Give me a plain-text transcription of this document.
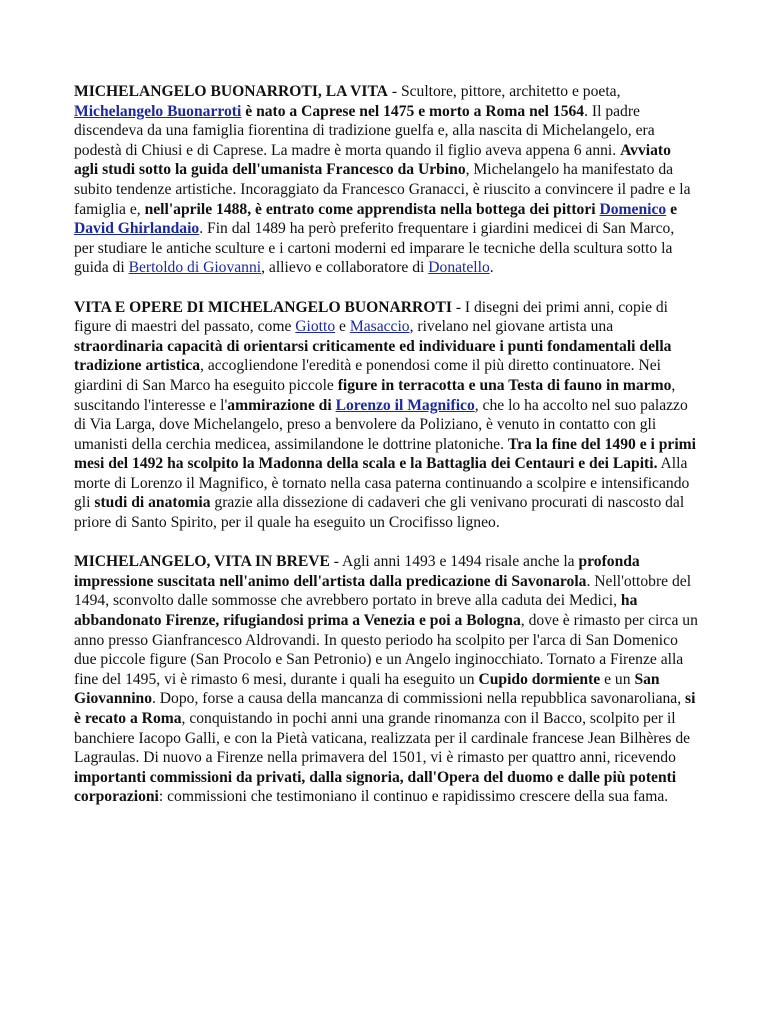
MICHELANGELO BUONARROTI, LA VITA - Scultore, pittore, architetto e poeta, Michelangelo Buonarroti è nato a Caprese nel 1475 e morto a Roma nel 1564. Il padre discendeva da una famiglia fiorentina di tradizione guelfa e, alla nascita di Michelangelo, era podestà di Chiusi e di Caprese. La madre è morta quando il figlio aveva appena 6 anni. Avviato agli studi sotto la guida dell'umanista Francesco da Urbino, Michelangelo ha manifestato da subito tendenze artistiche. Incoraggiato da Francesco Granacci, è riuscito a convincere il padre e la famiglia e, nell'aprile 1488, è entrato come apprendista nella bottega dei pittori Domenico e David Ghirlandaio. Fin dal 1489 ha però preferito frequentare i giardini medicei di San Marco, per studiare le antiche sculture e i cartoni moderni ed imparare le tecniche della scultura sotto la guida di Bertoldo di Giovanni, allievo e collaboratore di Donatello.

VITA E OPERE DI MICHELANGELO BUONARROTI - I disegni dei primi anni, copie di figure di maestri del passato, come Giotto e Masaccio, rivelano nel giovane artista una straordinaria capacità di orientarsi criticamente ed individuare i punti fondamentali della tradizione artistica, accogliendone l'eredità e ponendosi come il più diretto continuatore. Nei giardini di San Marco ha eseguito piccole figure in terracotta e una Testa di fauno in marmo, suscitando l'interesse e l'ammirazione di Lorenzo il Magnifico, che lo ha accolto nel suo palazzo di Via Larga, dove Michelangelo, preso a benvolere da Poliziano, è venuto in contatto con gli umanisti della cerchia medicea, assimilandone le dottrine platoniche. Tra la fine del 1490 e i primi mesi del 1492 ha scolpito la Madonna della scala e la Battaglia dei Centauri e dei Lapiti. Alla morte di Lorenzo il Magnifico, è tornato nella casa paterna continuando a scolpire e intensificando gli studi di anatomia grazie alla dissezione di cadaveri che gli venivano procurati di nascosto dal priore di Santo Spirito, per il quale ha eseguito un Crocifisso ligneo.

MICHELANGELO, VITA IN BREVE - Agli anni 1493 e 1494 risale anche la profonda impressione suscitata nell'animo dell'artista dalla predicazione di Savonarola. Nell'ottobre del 1494, sconvolto dalle sommosse che avrebbero portato in breve alla caduta dei Medici, ha abbandonato Firenze, rifugiandosi prima a Venezia e poi a Bologna, dove è rimasto per circa un anno presso Gianfrancesco Aldrovandi. In questo periodo ha scolpito per l'arca di San Domenico due piccole figure (San Procolo e San Petronio) e un Angelo inginocchiato. Tornato a Firenze alla fine del 1495, vi è rimasto 6 mesi, durante i quali ha eseguito un Cupido dormiente e un San Giovannino. Dopo, forse a causa della mancanza di commissioni nella repubblica savonaroliana, si è recato a Roma, conquistando in pochi anni una grande rinomanza con il Bacco, scolpito per il banchiere Iacopo Galli, e con la Pietà vaticana, realizzata per il cardinale francese Jean Bilhères de Lagraulas. Di nuovo a Firenze nella primavera del 1501, vi è rimasto per quattro anni, ricevendo importanti commissioni da privati, dalla signoria, dall'Opera del duomo e dalle più potenti corporazioni: commissioni che testimoniano il continuo e rapidissimo crescere della sua fama.
